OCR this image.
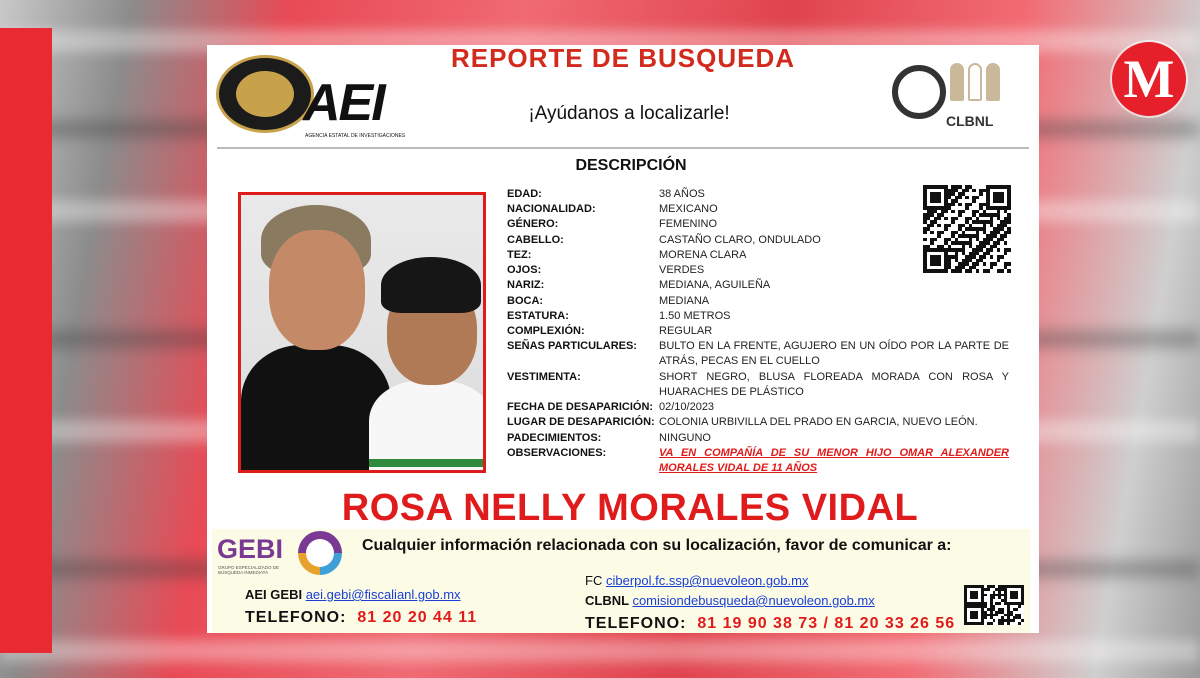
M
AEI
AGENCIA ESTATAL DE INVESTIGACIONES
REPORTE DE BUSQUEDA
¡Ayúdanos a localizarle!	CLBNL
DESCRIPCIÓN
EDAD:	38 AÑOS
NACIONALIDAD:	MEXICANO
GÉNERO:	FEMENINO
CABELLO:	CASTAÑO CLARO, ONDULADO
TEZ:	MORENA CLARA
OJOS:	VERDES
NARIZ:	MEDIANA, AGUILEÑA
BOCA:	MEDIANA
ESTATURA:	1.50 METROS
COMPLEXIÓN:	REGULAR
SEÑAS PARTICULARES:	BULTO EN LA FRENTE, AGUJERO EN UN OÍDO POR LA PARTE DE ATRÁS, PECAS EN EL CUELLO
VESTIMENTA:	SHORT NEGRO, BLUSA FLOREADA MORADA CON ROSA Y HUARACHES DE PLÁSTICO
FECHA DE DESAPARICIÓN: 02/10/2023
LUGAR DE DESAPARICIÓN: COLONIA URBIVILLA DEL PRADO EN GARCIA, NUEVO LEÓN.
PADECIMIENTOS:	NINGUNO
OBSERVACIONES:	VA EN COMPAÑÍA DE SU MENOR HIJO OMAR ALEXANDER MORALES VIDAL DE 11 AÑOS
ROSA NELLY MORALES VIDAL
GEBI
GRUPO ESPECIALIZADO DE BÚSQUEDA INMEDIATA
Cualquier información relacionada con su localización, favor de comunicar a:
FC ciberpol.fc.ssp@nuevoleon.gob.mx
CLBNL comisiondebusqueda@nuevoleon.gob.mx
AEI GEBI aei.gebi@fiscalianl.gob.mx
TELEFONO: 81 20 20 44 11	TELEFONO: 81 19 90 38 73 / 81 20 33 26 56
